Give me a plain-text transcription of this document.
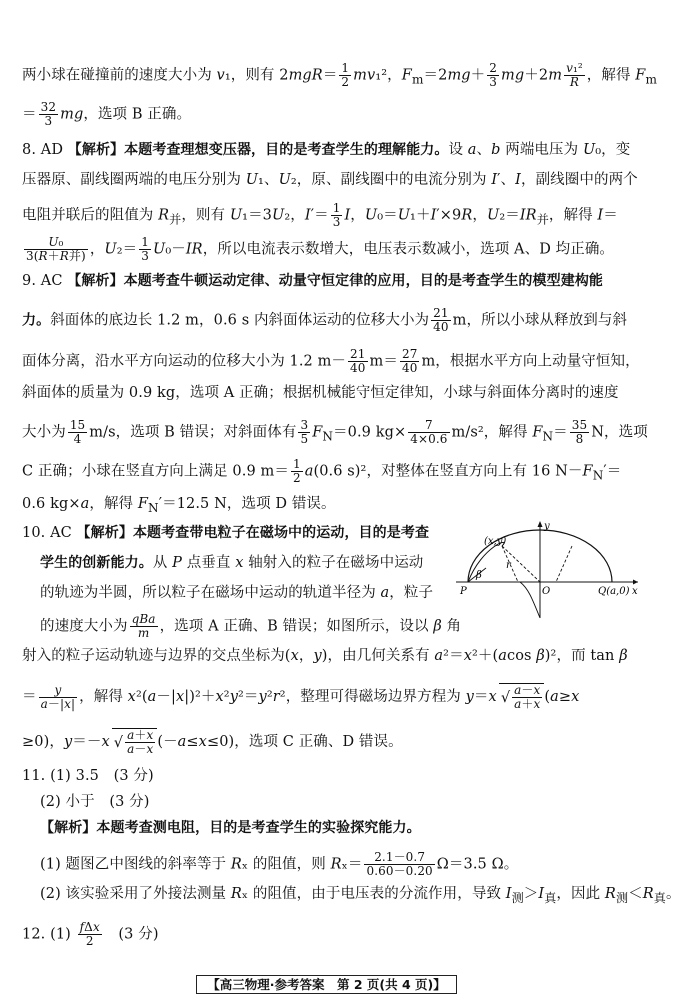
两小球在碰撞前的速度大小为 v₁，则有 $2mgR= \frac{1}{2} mv_1^2$，$F_m=2mg+ \frac{2}{3} mg+2m \frac{\text{v₁²}}{R}$ ，解得 $F_m$
＝ $\frac{32}{3}$ mg，选项 B 正确。
8. AD 【解析】本题考查理想变压器，目的是考查学生的理解能力。设 a、b 两端电压为 U₀，变
压器原、副线圈两端的电压分别为 U₁、U₂，原、副线圈中的电流分别为 I′、I，副线圈中的两个
电阻并联后的阻值为 $R_并$，则有 U₁＝3U₂，$I'= \frac{1}{3}$ I，U₀＝U₁＋I′×9R，$U_2=IR_并$，解得 I＝
$\frac{\text{U₀}}{\text{3(R＋R并)}}$ ，$U_2= \frac{1}{3} U_0-IR$，所以电流表示数增大，电压表示数减小，选项 A、D 均正确。
9. AC 【解析】本题考查牛顿运动定律、动量守恒定律的应用，目的是考查学生的模型建构能
力。斜面体的底边长 1.2 m，0.6 s 内斜面体运动的位移大小为 $\frac{21}{40}$ m，所以小球从释放到与斜
面体分离，沿水平方向运动的位移大小为 1.2 $m- \frac{21}{40} m= \frac{27}{40}$ m，根据水平方向上动量守恒知，
斜面体的质量为 0.9 kg，选项 A 正确；根据机械能守恒定律知，小球与斜面体分离时的速度
大小为 $\frac{15}{4} m/s$，选项 B 错误；对斜面体有 $\frac{3}{5} F_N=0.9$ $kg\times \frac{7}{4\times 0.6} m/s^2$，解得 $F_N= \frac{35}{8}$ N，选项
C 正确；小球在竖直方向上满足 0.9 $m= \frac{1}{2} a(0.6$ s)²，对整体在竖直方向上有 16 $N-F_N'=$
0.6 kg×a，解得 $F_N'=12.5$ N，选项 D 错误。
10. AC 【解析】本题考查带电粒子在磁场中的运动，目的是考查
学生的创新能力。从 P 点垂直 x 轴射入的粒子在磁场中运动
的轨迹为半圆，所以粒子在磁场中运动的轨道半径为 a，粒子
的速度大小为 $\frac{\text{qBa}}{m}$ ，选项 A 正确、B 错误；如图所示，设以 β 角
y
x
O
P	Q(a,0)
(x,y)
β
r
射入的粒子运动轨迹与边界的交点坐标为(x，y)，由几何关系有 a²＝x²＋(acos β)²，而 tan β
＝ $\frac{y}{a-|x|}$ ，解得 x²(a－|x|)²＋x²y²＝y²r²，整理可得磁场边界方程为 y＝x √ $\frac{a-x}{a+x} (a\ge x$
≥0)，y＝－x √ $\frac{a+x}{a-x} (-a\le x\le 0)$，选项 C 正确、D 错误。
11. (1) 3.5　(3 分)
(2) 小于　(3 分)
【解析】本题考查测电阻，目的是考查学生的实验探究能力。
(1) 题图乙中图线的斜率等于 Rₓ 的阻值，则 $R_x= \frac{2.1-0.7}{0.60-0.20} \Omega=3.5$ Ω。
(2) 该实验采用了外接法测量 Rₓ 的阻值，由于电压表的分流作用，导致 $I_测>I_真$，因此 $R_测<R_真$。
12. $(1) \frac{\text{fΔx}}{2}$ 　(3 分)
【高三物理·参考答案　第 2 页(共 4 页)】
